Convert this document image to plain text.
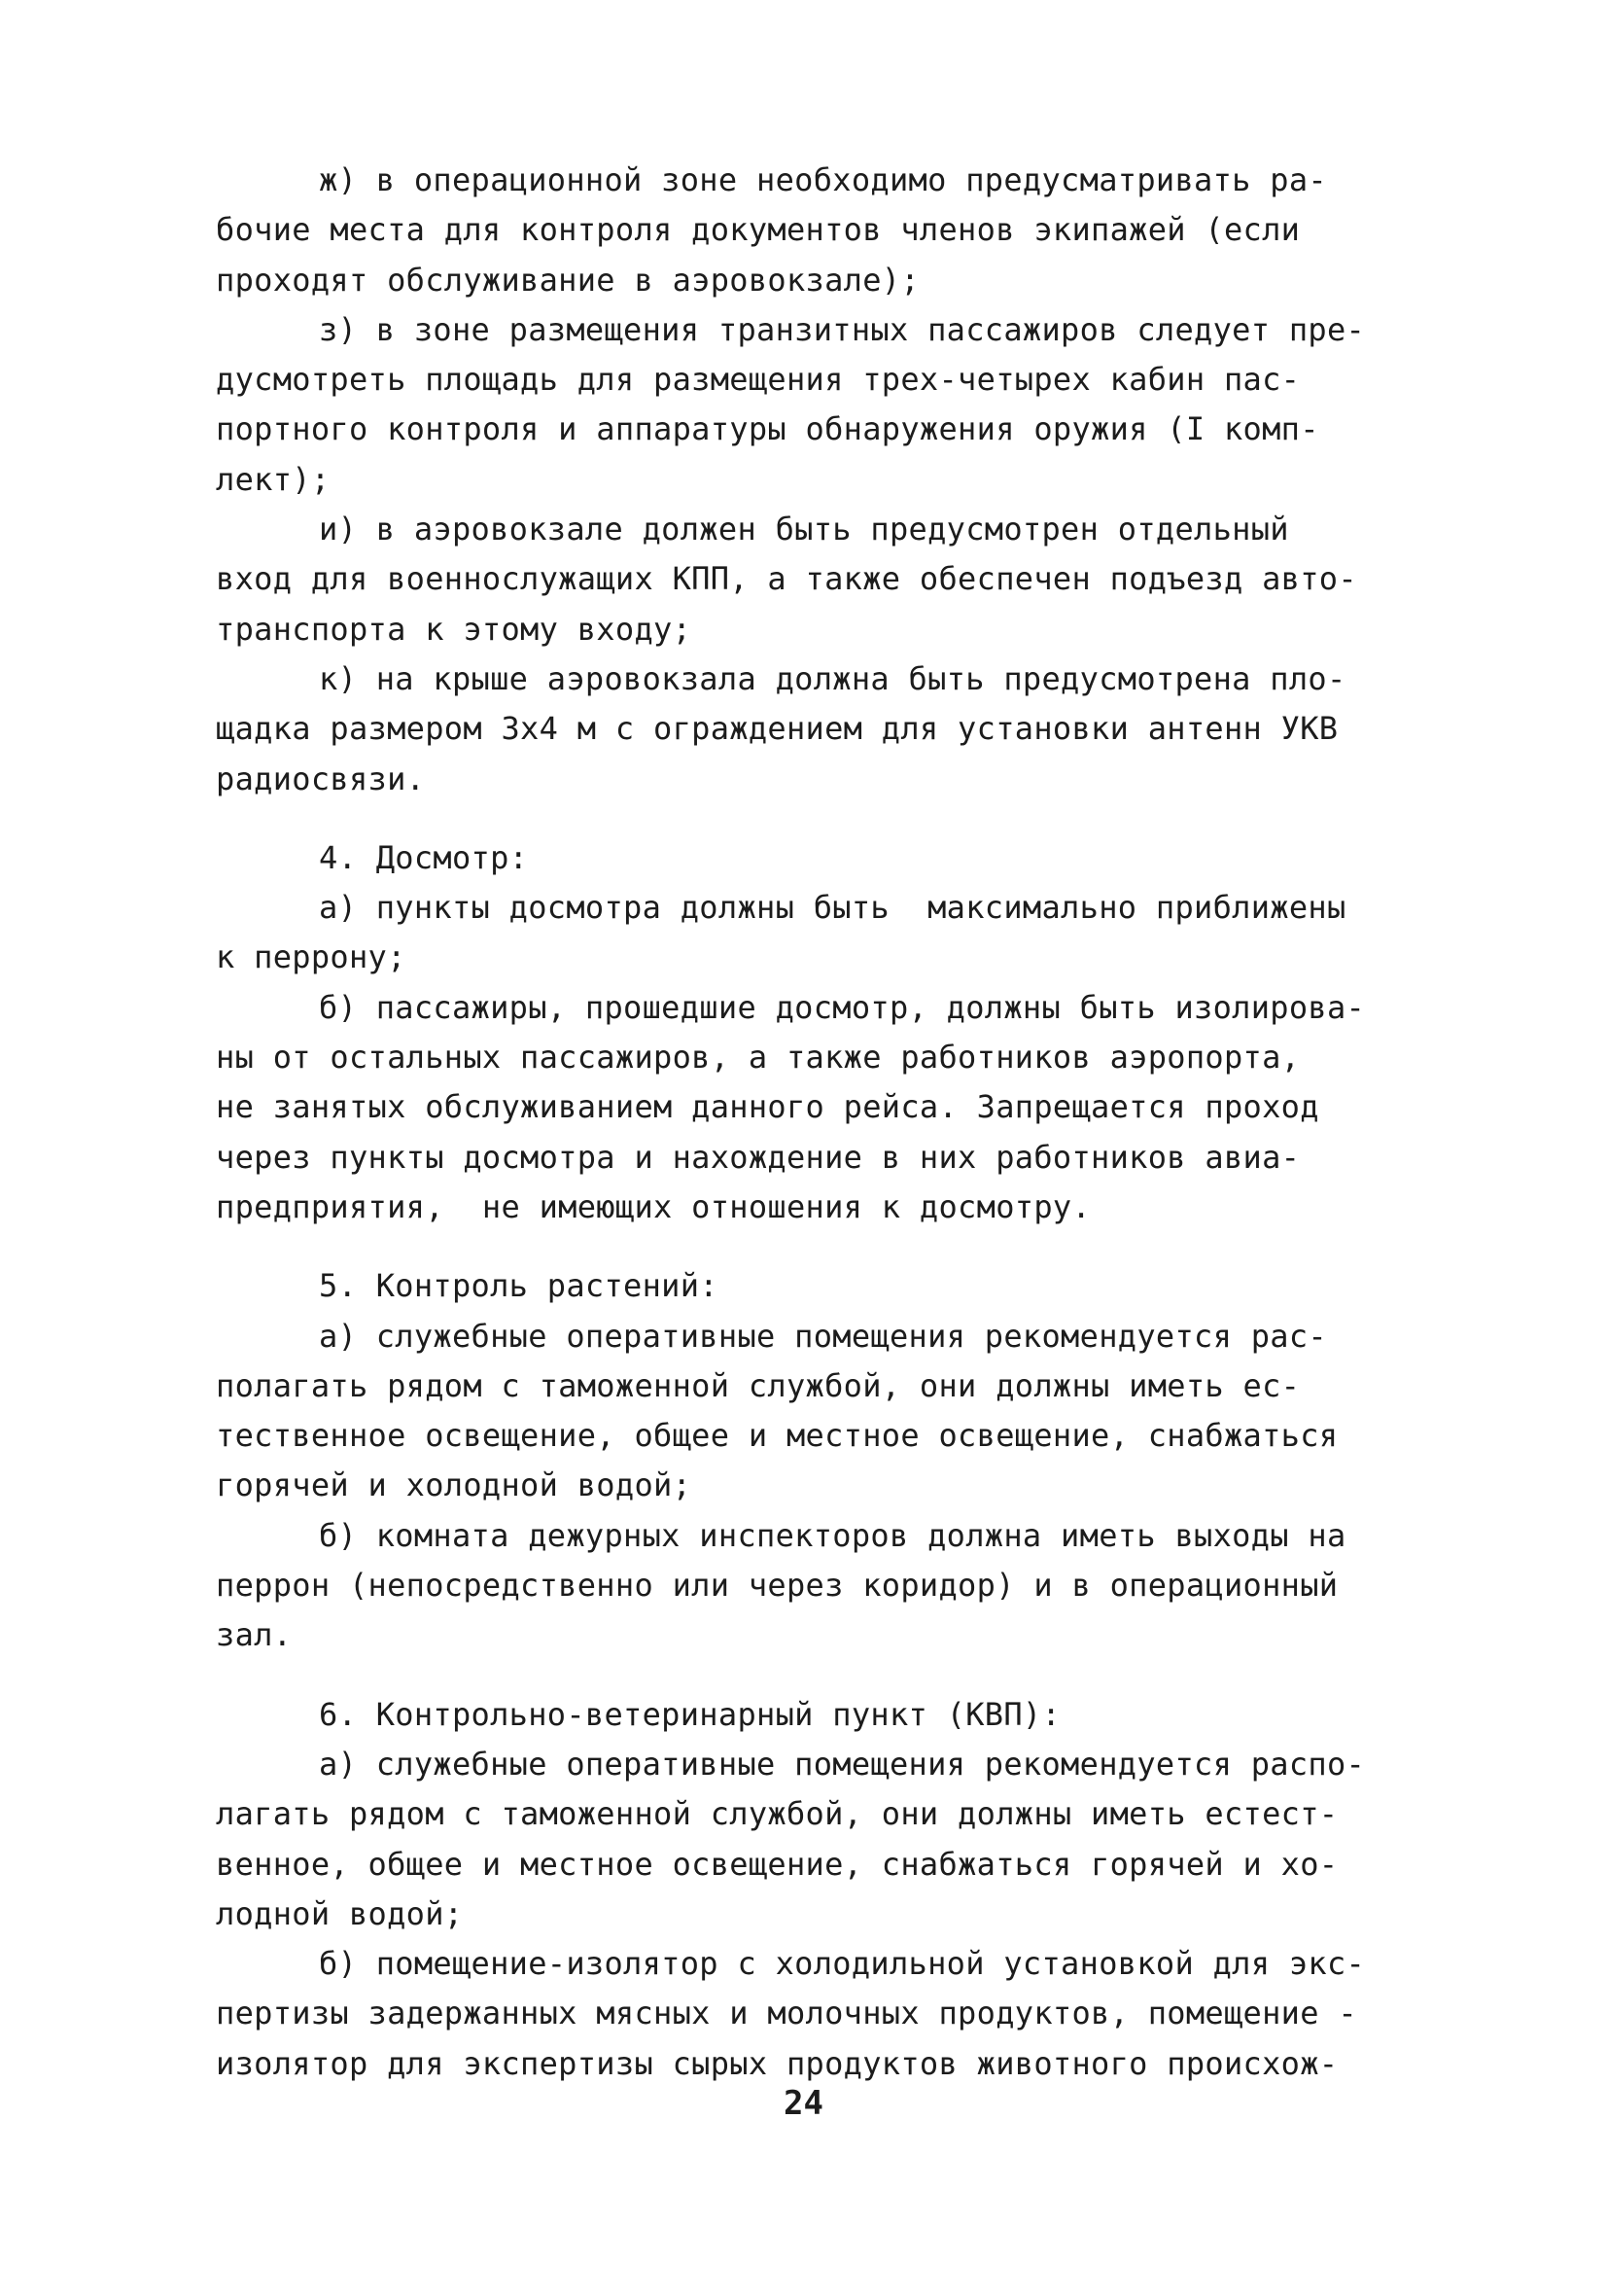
ж) в операционной зоне необходимо предусматривать ра-
бочие места для контроля документов членов экипажей (если
проходят обслуживание в аэровокзале);
з) в зоне размещения транзитных пассажиров следует пре-
дусмотреть площадь для размещения трех-четырех кабин пас-
портного контроля и аппаратуры обнаружения оружия (I комп-
лект);
и) в аэровокзале должен быть предусмотрен отдельный
вход для военнослужащих КПП, а также обеспечен подъезд авто-
транспорта к этому входу;
к) на крыше аэровокзала должна быть предусмотрена пло-
щадка размером 3х4 м с ограждением для установки антенн УКВ
радиосвязи.
4. Досмотр:
а) пункты досмотра должны быть  максимально приближены
к перрону;
б) пассажиры, прошедшие досмотр, должны быть изолирова-
ны от остальных пассажиров, а также работников аэропорта,
не занятых обслуживанием данного рейса. Запрещается проход
через пункты досмотра и нахождение в них работников авиа-
предприятия,  не имеющих отношения к досмотру.
5. Контроль растений:
а) служебные оперативные помещения рекомендуется рас-
полагать рядом с таможенной службой, они должны иметь ес-
тественное освещение, общее и местное освещение, снабжаться
горячей и холодной водой;
б) комната дежурных инспекторов должна иметь выходы на
перрон (непосредственно или через коридор) и в операционный
зал.
6. Контрольно-ветеринарный пункт (КВП):
а) служебные оперативные помещения рекомендуется распо-
лагать рядом с таможенной службой, они должны иметь естест-
венное, общее и местное освещение, снабжаться горячей и хо-
лодной водой;
б) помещение-изолятор с холодильной установкой для экс-
пертизы задержанных мясных и молочных продуктов, помещение -
изолятор для экспертизы сырых продуктов животного происхож-
24
